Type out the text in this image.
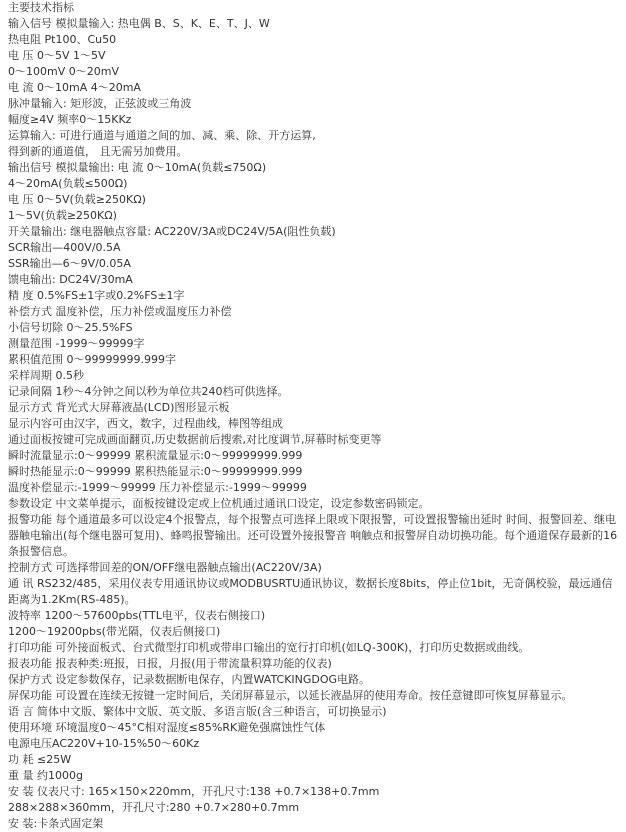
主要技术指标
输入信号 模拟量输入: 热电偶 B、S、K、E、T、J、W
热电阻 Pt100、Cu50
电 压 0～5V 1～5V
0～100mV 0～20mV
电 流 0～10mA 4～20mA
脉冲量输入: 矩形波，正弦波或三角波
幅度≥4V 频率0～15KKz
运算输入: 可进行通道与通道之间的加、减、乘、除、开方运算,
得到新的通道值， 且无需另加费用。
输出信号 模拟量输出: 电 流 0～10mA(负载≤750Ω)
4～20mA(负载≤500Ω)
电 压 0～5V(负载≥250KΩ)
1～5V(负载≥250KΩ)
开关量输出: 继电器触点容量: AC220V/3A或DC24V/5A(阻性负载)
SCR输出—400V/0.5A
SSR输出—6～9V/0.05A
馈电输出: DC24V/30mA
精 度 0.5%FS±1字或0.2%FS±1字
补偿方式 温度补偿，压力补偿或温度压力补偿
小信号切除 0～25.5%FS
测量范围 -1999～99999字
累积值范围 0～99999999.999字
采样周期 0.5秒
记录间隔 1秒～4分钟之间以秒为单位共240档可供选择。
显示方式 背光式大屏幕液晶(LCD)图形显示板
显示内容可由汉字，西文，数字，过程曲线，棒图等组成
通过面板按键可完成画面翻页,历史数据前后搜索,对比度调节,屏幕时标变更等
瞬时流量显示:0～99999 累积流量显示:0～99999999.999
瞬时热能显示:0～99999 累积热能显示:0～99999999.999
温度补偿显示:-1999～99999 压力补偿显示:-1999～99999
参数设定 中文菜单提示，面板按键设定或上位机通过通讯口设定，设定参数密码锁定。
报警功能 每个通道最多可以设定4个报警点，每个报警点可选择上限或下限报警，可设置报警输出延时 时间、报警回差、继电器触电输出(每个继电器可复用)、蜂鸣报警输出。还可设置外接报警音 响触点和报警屏自动切换功能。每个通道保存最新的16条报警信息。
控制方式 可选择带回差的ON/OFF继电器触点输出(AC220V/3A)
通 讯 RS232/485，采用仪表专用通讯协议或MODBUSRTU通讯协议，数据长度8bits，停止位1bit，无奇偶校验，最远通信距离为1.2Km(RS-485)。
波特率 1200～57600pbs(TTL电平，仪表右侧接口)
1200～19200pbs(带光隔，仪表后侧接口)
打印功能 可外接面板式、台式微型打印机或带串口输出的宽行打印机(如LQ-300K)，打印历史数据或曲线。
报表功能 报表种类:班报，日报，月报(用于带流量积算功能的仪表)
保护方式 设定参数保存，记录数据断电保存，内置WATCKINGDOG电路。
屏保功能 可设置在连续无按键一定时间后，关闭屏幕显示，以延长液晶屏的使用寿命。按任意键即可恢复屏幕显示。
语 言 简体中文版、繁体中文版、英文版、多语言版(含三种语言，可切换显示)
使用环境 环境温度0～45°C相对湿度≤85%RK避免强腐蚀性气体
电源电压AC220V+10-15%50～60Kz
功 耗 ≤25W
重 量 约1000g
安 装 仪表尺寸: 165×150×220mm，开孔尺寸:138 +0.7×138+0.7mm
288×288×360mm，开孔尺寸:280 +0.7×280+0.7mm
安 装:卡条式固定架
